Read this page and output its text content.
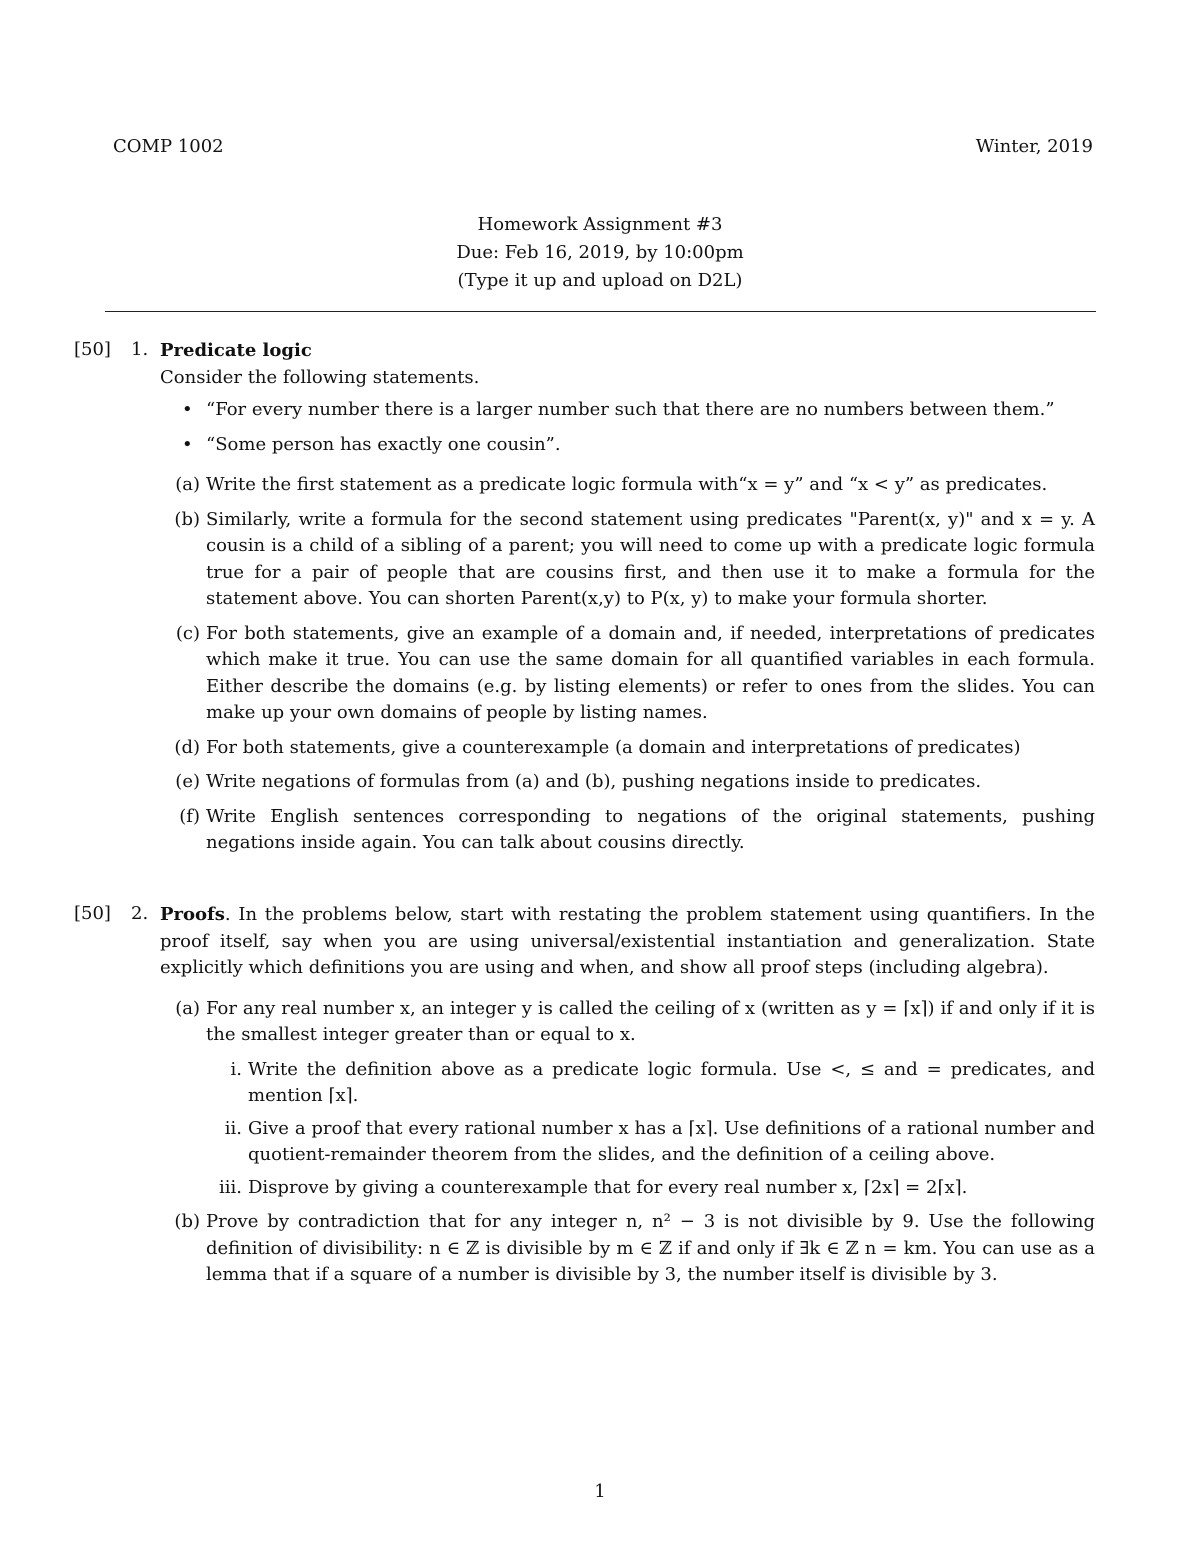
COMP 1002	Winter, 2019
Homework Assignment #3
Due: Feb 16, 2019, by 10:00pm
(Type it up and upload on D2L)
[50] 1. Predicate logic
Consider the following statements.
• “For every number there is a larger number such that there are no numbers between them.”
• “Some person has exactly one cousin”.
(a) Write the first statement as a predicate logic formula with“x = y” and “x < y” as predicates.
(b) Similarly, write a formula for the second statement using predicates "Parent(x, y)" and x = y. A cousin is a child of a sibling of a parent; you will need to come up with a predicate logic formula true for a pair of people that are cousins first, and then use it to make a formula for the statement above. You can shorten Parent(x,y) to P(x, y) to make your formula shorter.
(c) For both statements, give an example of a domain and, if needed, interpretations of predicates which make it true. You can use the same domain for all quantified variables in each formula. Either describe the domains (e.g. by listing elements) or refer to ones from the slides. You can make up your own domains of people by listing names.
(d) For both statements, give a counterexample (a domain and interpretations of predicates)
(e) Write negations of formulas from (a) and (b), pushing negations inside to predicates.
(f) Write English sentences corresponding to negations of the original statements, pushing negations inside again. You can talk about cousins directly.
[50] 2. Proofs. In the problems below, start with restating the problem statement using quantifiers. In the proof itself, say when you are using universal/existential instantiation and generalization. State explicitly which definitions you are using and when, and show all proof steps (including algebra).
(a) For any real number x, an integer y is called the ceiling of x (written as y = ⌈x⌉) if and only if it is the smallest integer greater than or equal to x.
i. Write the definition above as a predicate logic formula. Use <, ≤ and = predicates, and mention ⌈x⌉.
ii. Give a proof that every rational number x has a ⌈x⌉. Use definitions of a rational number and quotient-remainder theorem from the slides, and the definition of a ceiling above.
iii. Disprove by giving a counterexample that for every real number x, ⌈2x⌉ = 2⌈x⌉.
(b) Prove by contradiction that for any integer n, n² − 3 is not divisible by 9. Use the following definition of divisibility: n ∈ ℤ is divisible by m ∈ ℤ if and only if ∃k ∈ ℤ n = km. You can use as a lemma that if a square of a number is divisible by 3, the number itself is divisible by 3.
1
